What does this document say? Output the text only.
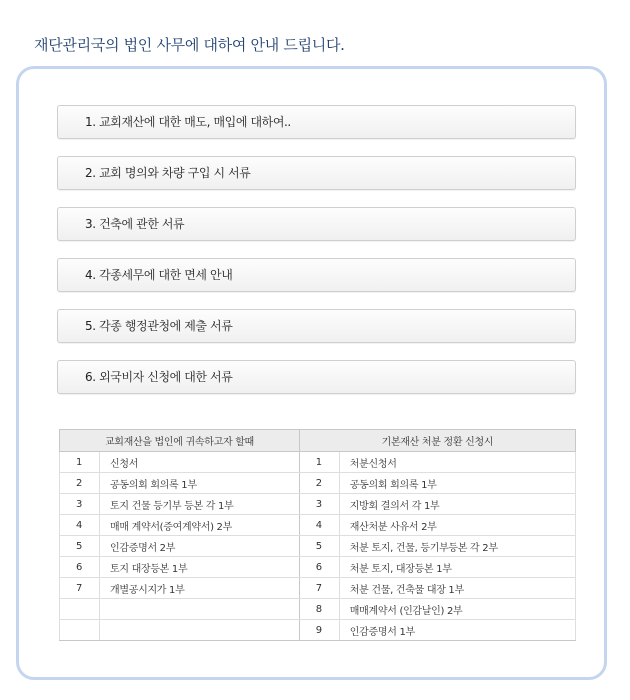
재단관리국의 법인 사무에 대하여 안내 드립니다.
1. 교회재산에 대한 매도, 매입에 대하여..
2. 교회 명의와 차량 구입 시 서류
3. 건축에 관한 서류
4. 각종세무에 대한 면세 안내
5. 각종 행정관청에 제출 서류
6. 외국비자 신청에 대한 서류
교회재산을 법인에 귀속하고자 할때		기본재산 처분 정환 신청시	
1	신청서	1	처분신청서
2	공동의회 회의록 1부	2	공동의회 회의록 1부
3	토지 건물 등기부 등본 각 1부	3	지방회 결의서 각 1부
4	매매 계약서(증여계약서) 2부	4	재산처분 사유서 2부
5	인감증명서 2부	5	처분 토지, 건물, 등기부등본 각 2부
6	토지 대장등본 1부	6	처분 토지, 대장등본 1부
7	개별공시지가 1부	7	처분 건물, 건축물 대장 1부
		8	매매계약서 (인감날인) 2부
		9	인감증명서 1부
